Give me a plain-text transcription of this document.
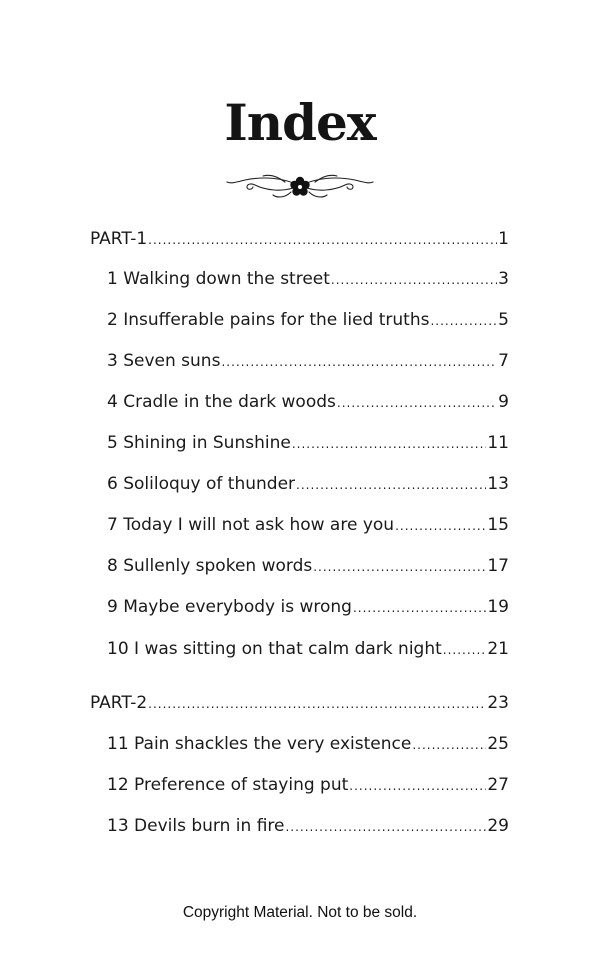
Index
PART-1 .....	1
1 Walking down the street .....	3
2 Insufferable pains for the lied truths .....	5
3 Seven suns .....	7
4 Cradle in the dark woods .....	9
5 Shining in Sunshine .....	11
6 Soliloquy of thunder .....	13
7 Today I will not ask how are you .....	15
8 Sullenly spoken words .....	17
9 Maybe everybody is wrong .....	19
10 I was sitting on that calm dark night .....	21
PART-2 .....	23
11 Pain shackles the very existence .....	25
12 Preference of staying put .....	27
13 Devils burn in fire .....	29
Copyright Material. Not to be sold.
